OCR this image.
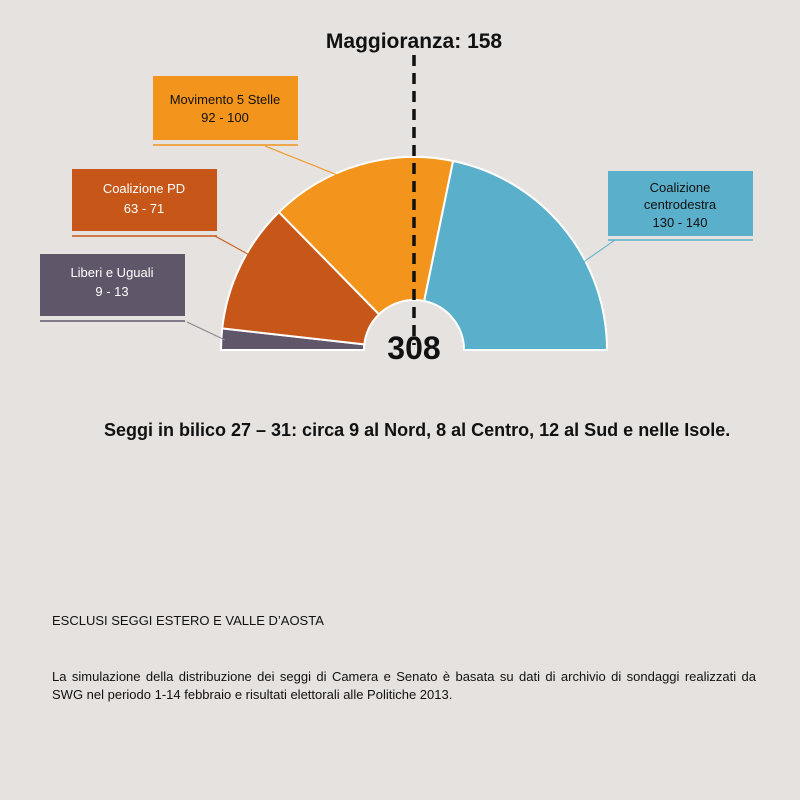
Liberi e Uguali
9 - 13
Coalizione PD
63 - 71
Movimento 5 Stelle
92 - 100
Coalizione
centrodestra
130 - 140
Maggioranza: 158
308
Seggi in bilico 27 – 31: circa 9 al Nord, 8 al Centro, 12 al Sud e nelle Isole.
ESCLUSI SEGGI ESTERO E VALLE D’AOSTA
La simulazione della distribuzione dei seggi di Camera e Senato è basata su dati di archivio di sondaggi realizzati da SWG nel periodo 1-14 febbraio e risultati elettorali alle Politiche 2013.
